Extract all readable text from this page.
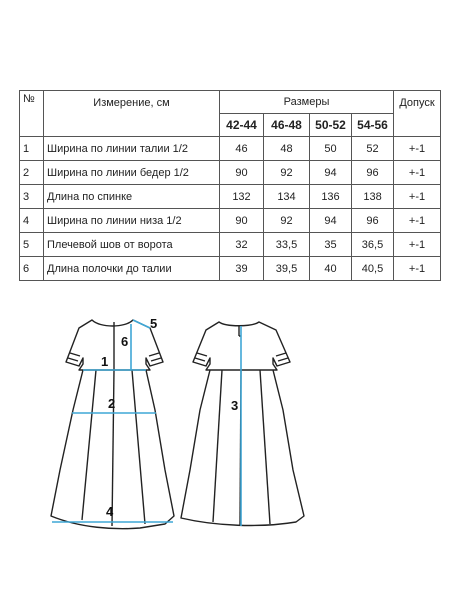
№	Измерение, см	Размеры				Допуск
		42-44	46-48	50-52	54-56	
1	Ширина по линии талии 1/2	46	48	50	52	+-1
2	Ширина по линии бедер 1/2	90	92	94	96	+-1
3	Длина по спинке	132	134	136	138	+-1
4	Ширина по линии низа 1/2	90	92	94	96	+-1
5	Плечевой шов от ворота	32	33,5	35	36,5	+-1
6	Длина полочки до талии	39	39,5	40	40,5	+-1
1
2
4
5
6
3
